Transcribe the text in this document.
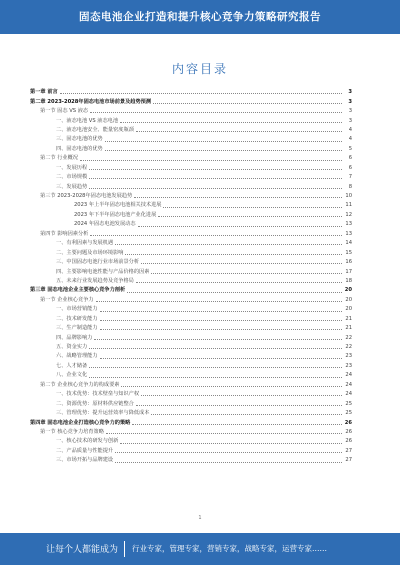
固态电池企业打造和提升核心竞争力策略研究报告
内容目录
第一章 前言	3
第二章 2023-2028年固态电池市场前景及趋势预测	3
第一节 固态 VS 液态	3
一、液态电池 VS 液态电池	3
二、液态电池安全、能量密度瓶颈	4
三、固态电池的优势	4
四、固态电池的优势	5
第二节 行业概况	6
一、发展历程	6
二、市场规模	7
三、发展趋势	8
第三节 2023-2028年固态电池发展趋势	10
2023 年上半年固态电池相关技术进展	11
2023 年下半年固态电池产业化进展	12
2024 年固态电池发展动态	13
第四节 影响因素分析	13
一、有利因素与发展机遇	14
二、主要问题及市场环境影响	15
三、中国固态电池行业市场前景分析	16
四、主要影响电池性能与产品价格的因素	17
五、未来行业发展趋势及竞争格局	18
第三章 固态电池企业主要核心竞争力剖析	20
第一节 企业核心竞争力	20
一、市场营销能力	20
二、技术研发能力	21
三、生产制造能力	21
四、品牌影响力	22
五、资金实力	22
六、战略管理能力	23
七、人才储备	23
八、企业文化	24
第二节 企业核心竞争力的构成要素	24
一、技术优势：技术壁垒与知识产权	24
二、资源优势：原材料供应链整合	25
三、管理优势：提升运营效率与降低成本	25
第四章 固态电池企业打造核心竞争力的策略	26
第一节 核心竞争力培育策略	26
一、核心技术的研发与创新	26
二、产品质量与性能提升	27
三、市场开拓与品牌建设	27
1
让每个人都能成为 行业专家，管理专家，营销专家，战略专家，运营专家……
